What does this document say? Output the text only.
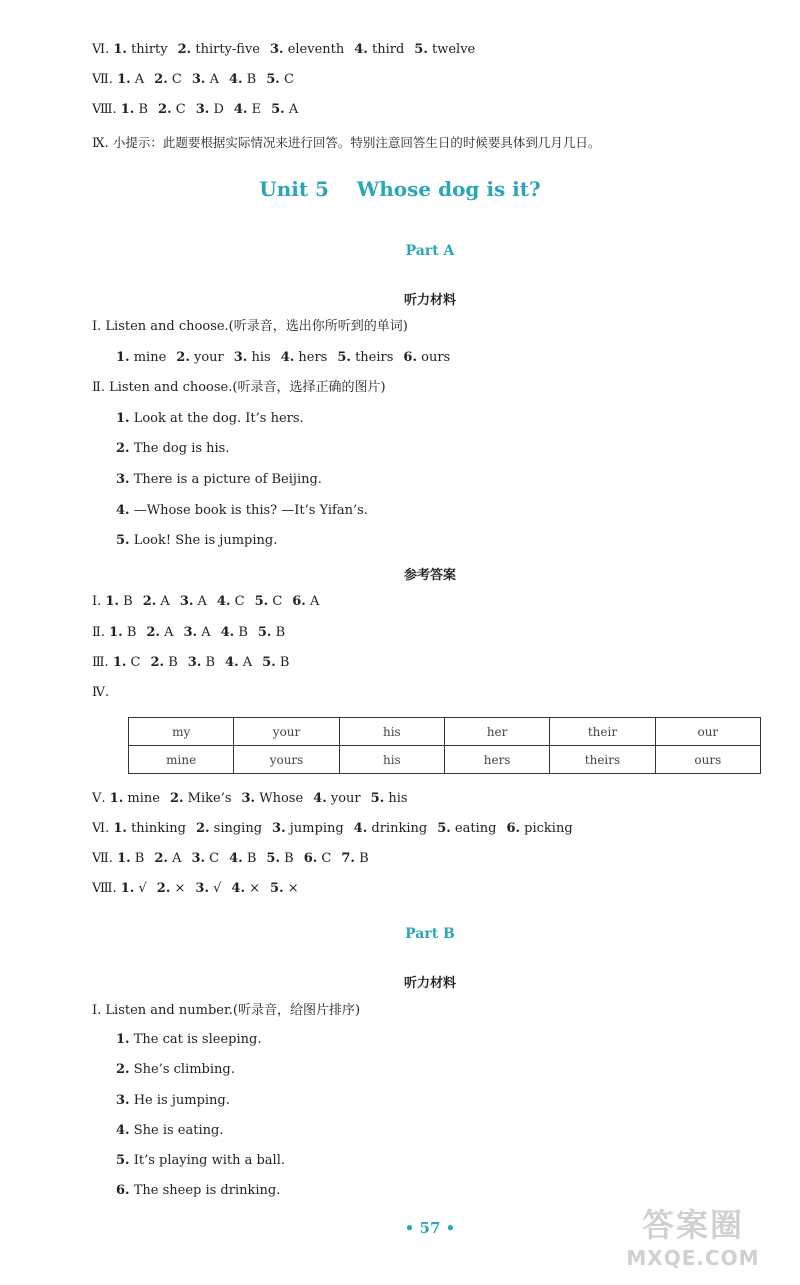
Ⅵ. 1. thirty 2. thirty-five 3. eleventh 4. third 5. twelve
Ⅶ. 1. A 2. C 3. A 4. B 5. C
Ⅷ. 1. B 2. C 3. D 4. E 5. A
Ⅸ. 小提示：此题要根据实际情况来进行回答。特别注意回答生日的时候要具体到几月几日。
Unit 5    Whose dog is it?
Part A
听力材料
Ⅰ. Listen and choose.(听录音，选出你所听到的单词)
1. mine 2. your 3. his 4. hers 5. theirs 6. ours
Ⅱ. Listen and choose.(听录音，选择正确的图片)
1. Look at the dog. It’s hers.
2. The dog is his.
3. There is a picture of Beijing.
4. —Whose book is this? —It’s Yifan’s.
5. Look! She is jumping.
参考答案
Ⅰ. 1. B 2. A 3. A 4. C 5. C 6. A
Ⅱ. 1. B 2. A 3. A 4. B 5. B
Ⅲ. 1. C 2. B 3. B 4. A 5. B
Ⅳ.
my	your	his	her	their	our
mine	yours	his	hers	theirs	ours
Ⅴ. 1. mine 2. Mike’s 3. Whose 4. your 5. his
Ⅵ. 1. thinking 2. singing 3. jumping 4. drinking 5. eating 6. picking
Ⅶ. 1. B 2. A 3. C 4. B 5. B 6. C 7. B
Ⅷ. 1. √ 2. × 3. √ 4. × 5. ×
Part B
听力材料
Ⅰ. Listen and number.(听录音，给图片排序)
1. The cat is sleeping.
2. She’s climbing.
3. He is jumping.
4. She is eating.
5. It’s playing with a ball.
6. The sheep is drinking.
• 57 •	答案圈
MXQE.COM
